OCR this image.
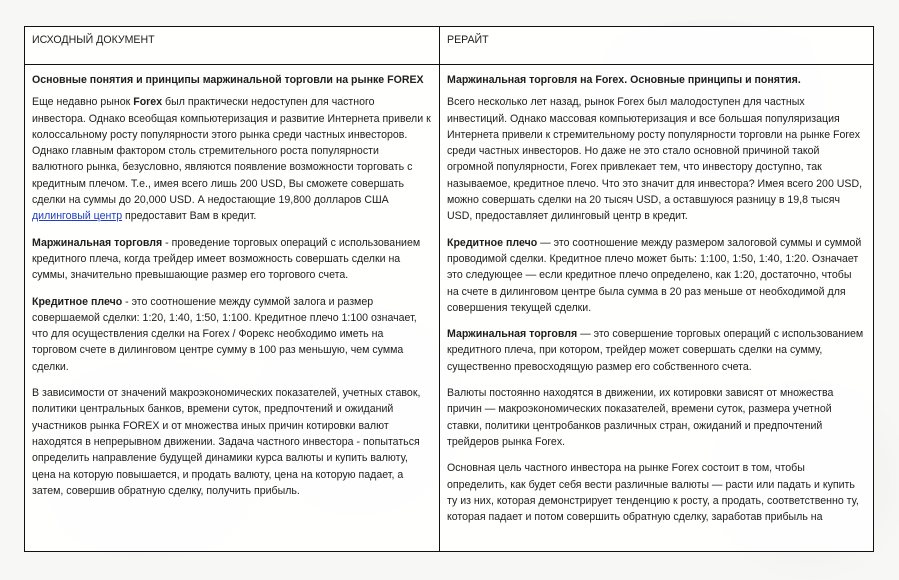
ИСХОДНЫЙ ДОКУМЕНТ
Основные понятия и принципы маржинальной торговли на рынке FOREX

Еще недавно рынок Forex был практически недоступен для частного инвестора. Однако всеобщая компьютеризация и развитие Интернета привели к колоссальному росту популярности этого рынка среди частных инвесторов. Однако главным фактором столь стремительного роста популярности валютного рынка, безусловно, являются появление возможности торговать с кредитным плечом. Т.е., имея всего лишь 200 USD, Вы сможете совершать сделки на суммы до 20,000 USD. А недостающие 19,800 долларов США дилинговый центр предоставит Вам в кредит.

Маржинальная торговля - проведение торговых операций с использованием кредитного плеча, когда трейдер имеет возможность совершать сделки на суммы, значительно превышающие размер его торгового счета.

Кредитное плечо - это соотношение между суммой залога и размер совершаемой сделки: 1:20, 1:40, 1:50, 1:100. Кредитное плечо 1:100 означает, что для осуществления сделки на Forex / Форекс необходимо иметь на торговом счете в дилинговом центре сумму в 100 раз меньшую, чем сумма сделки.

В зависимости от значений макроэкономических показателей, учетных ставок, политики центральных банков, времени суток, предпочтений и ожиданий участников рынка FOREX и от множества иных причин котировки валют находятся в непрерывном движении. Задача частного инвестора - попытаться определить направление будущей динамики курса валюты и купить валюту, цена на которую повышается, и продать валюту, цена на которую падает, а затем, совершив обратную сделку, получить прибыль.

РЕРАЙТ
Маржинальная торговля на Forex. Основные принципы и понятия.

Всего несколько лет назад, рынок Forex был малодоступен для частных инвестиций. Однако массовая компьютеризация и все большая популяризация Интернета привели к стремительному росту популярности торговли на рынке Forex среди частных инвесторов. Но даже не это стало основной причиной такой огромной популярности, Forex привлекает тем, что инвестору доступно, так называемое, кредитное плечо. Что это значит для инвестора? Имея всего 200 USD, можно совершать сделки на 20 тысяч USD, а оставшуюся разницу в 19,8 тысяч USD, предоставляет дилинговый центр в кредит.

Кредитное плечо — это соотношение между размером залоговой суммы и суммой проводимой сделки. Кредитное плечо может быть: 1:100, 1:50, 1:40, 1:20. Означает это следующее — если кредитное плечо определено, как 1:20, достаточно, чтобы на счете в дилинговом центре была сумма в 20 раз меньше от необходимой для совершения текущей сделки.

Маржинальная торговля — это совершение торговых операций с использованием кредитного плеча, при котором, трейдер может совершать сделки на сумму, существенно превосходящую размер его собственного счета.

Валюты постоянно находятся в движении, их котировки зависят от множества причин — макроэкономических показателей, времени суток, размера учетной ставки, политики центробанков различных стран, ожиданий и предпочтений трейдеров рынка Forex.

Основная цель частного инвестора на рынке Forex состоит в том, чтобы определить, как будет себя вести различные валюты — расти или падать и купить ту из них, которая демонстрирует тенденцию к росту, а продать, соответственно ту, которая падает и потом совершить обратную сделку, заработав прибыль на
